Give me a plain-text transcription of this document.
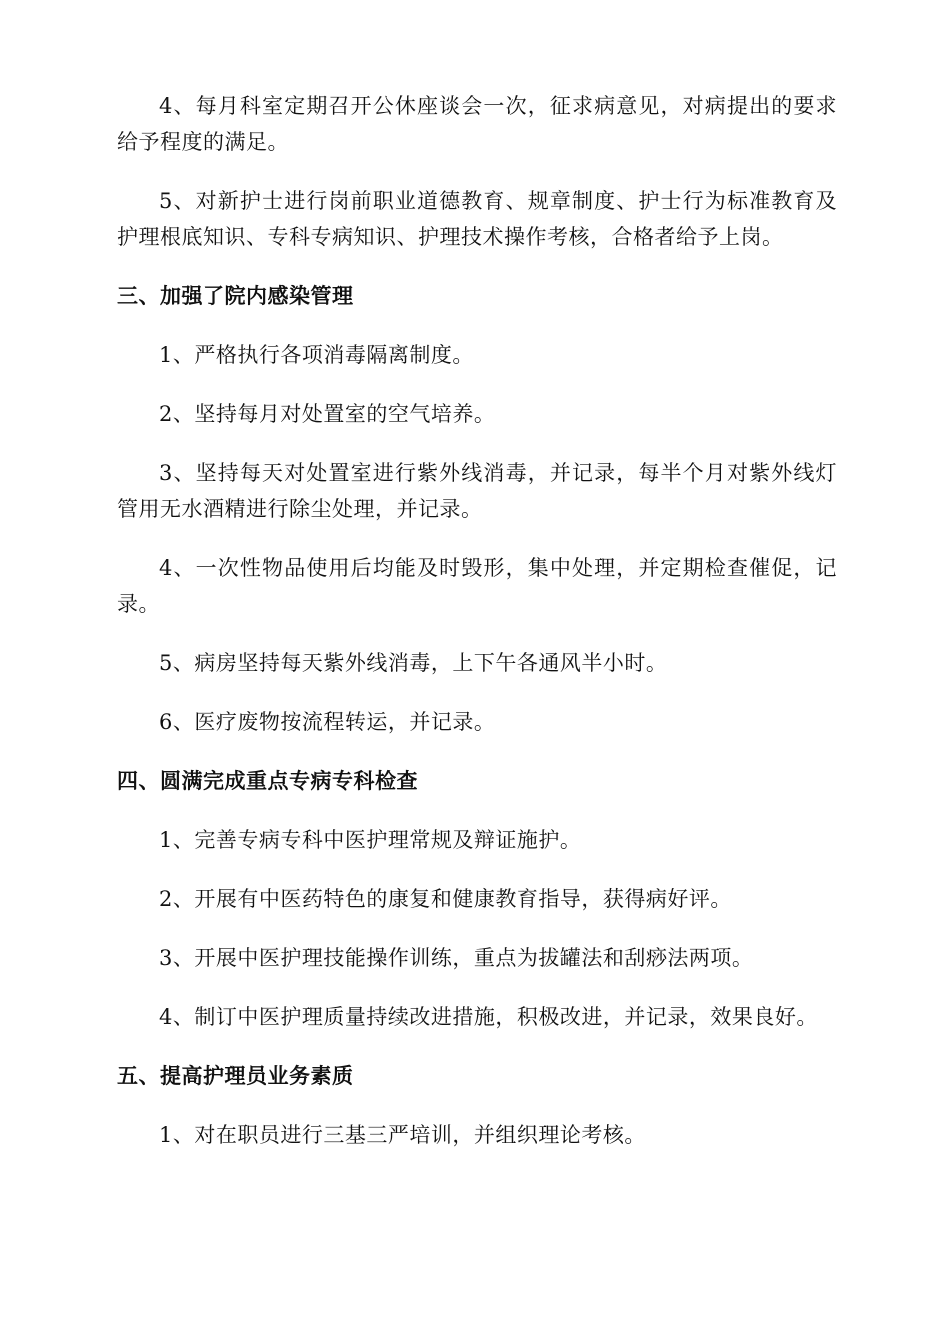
4、每月科室定期召开公休座谈会一次，征求病意见，对病提出的要求给予程度的满足。

5、对新护士进行岗前职业道德教育、规章制度、护士行为标准教育及护理根底知识、专科专病知识、护理技术操作考核，合格者给予上岗。

三、加强了院内感染管理

1、严格执行各项消毒隔离制度。

2、坚持每月对处置室的空气培养。

3、坚持每天对处置室进行紫外线消毒，并记录，每半个月对紫外线灯管用无水酒精进行除尘处理，并记录。

4、一次性物品使用后均能及时毁形，集中处理，并定期检查催促，记录。

5、病房坚持每天紫外线消毒，上下午各通风半小时。

6、医疗废物按流程转运，并记录。

四、圆满完成重点专病专科检查

1、完善专病专科中医护理常规及辩证施护。

2、开展有中医药特色的康复和健康教育指导，获得病好评。

3、开展中医护理技能操作训练，重点为拔罐法和刮痧法两项。

4、制订中医护理质量持续改进措施，积极改进，并记录，效果良好。

五、提高护理员业务素质

1、对在职员进行三基三严培训，并组织理论考核。
